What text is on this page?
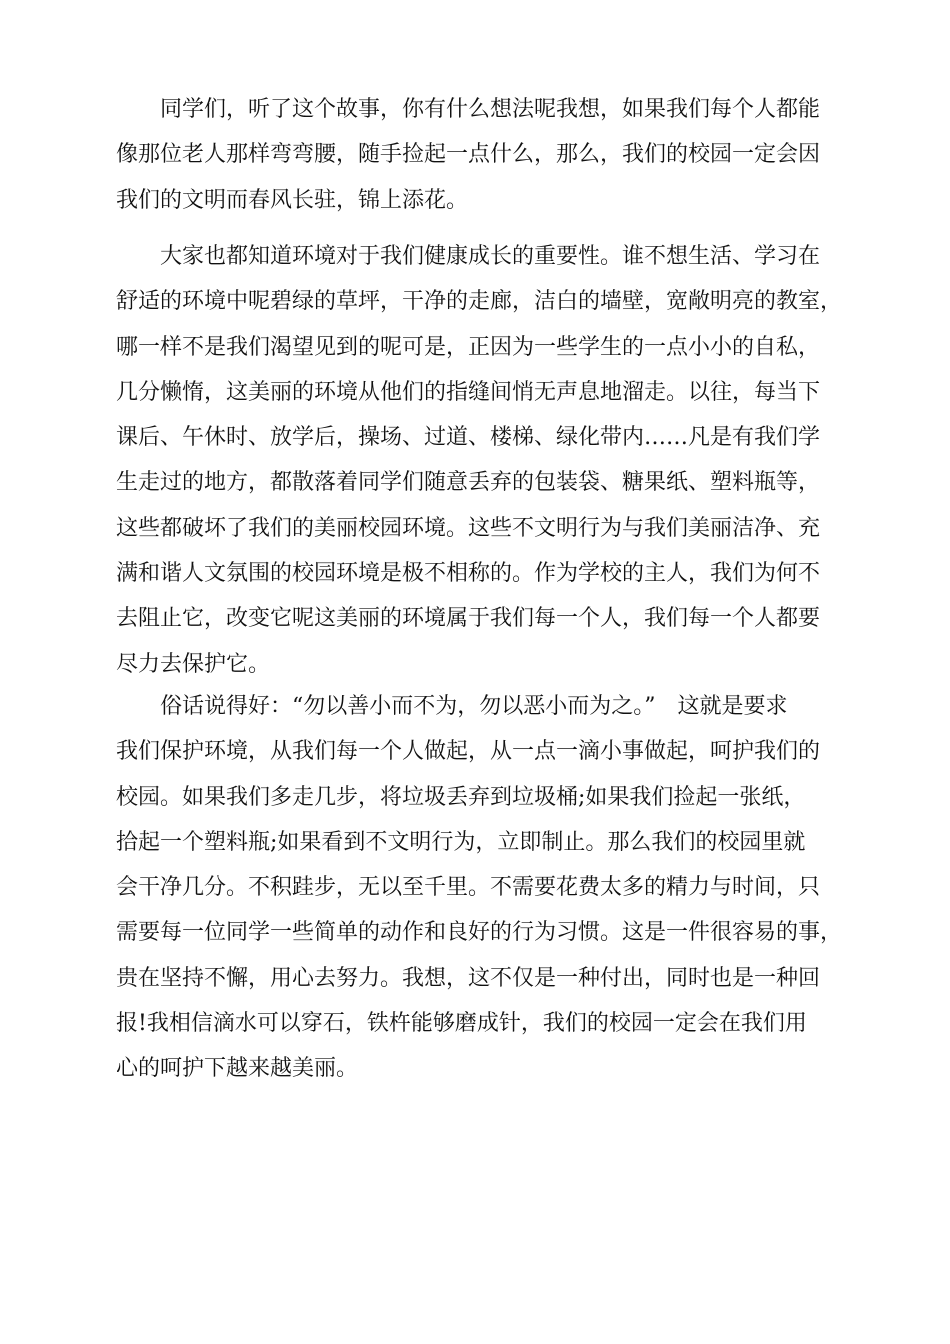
同学们，听了这个故事，你有什么想法呢我想，如果我们每个人都能
像那位老人那样弯弯腰，随手捡起一点什么，那么，我们的校园一定会因
我们的文明而春风长驻，锦上添花。
大家也都知道环境对于我们健康成长的重要性。谁不想生活、学习在
舒适的环境中呢碧绿的草坪，干净的走廊，洁白的墙壁，宽敞明亮的教室，
哪一样不是我们渴望见到的呢可是，正因为一些学生的一点小小的自私，
几分懒惰，这美丽的环境从他们的指缝间悄无声息地溜走。以往，每当下
课后、午休时、放学后，操场、过道、楼梯、绿化带内……凡是有我们学
生走过的地方，都散落着同学们随意丢弃的包装袋、糖果纸、塑料瓶等，
这些都破坏了我们的美丽校园环境。这些不文明行为与我们美丽洁净、充
满和谐人文氛围的校园环境是极不相称的。作为学校的主人，我们为何不
去阻止它，改变它呢这美丽的环境属于我们每一个人，我们每一个人都要
尽力去保护它。
俗话说得好：“勿以善小而不为，勿以恶小而为之。”　这就是要求
我们保护环境，从我们每一个人做起，从一点一滴小事做起，呵护我们的
校园。如果我们多走几步，将垃圾丢弃到垃圾桶;如果我们捡起一张纸，
拾起一个塑料瓶;如果看到不文明行为，立即制止。那么我们的校园里就
会干净几分。不积跬步，无以至千里。不需要花费太多的精力与时间，只
需要每一位同学一些简单的动作和良好的行为习惯。这是一件很容易的事，
贵在坚持不懈，用心去努力。我想，这不仅是一种付出，同时也是一种回
报!我相信滴水可以穿石，铁杵能够磨成针，我们的校园一定会在我们用
心的呵护下越来越美丽。
